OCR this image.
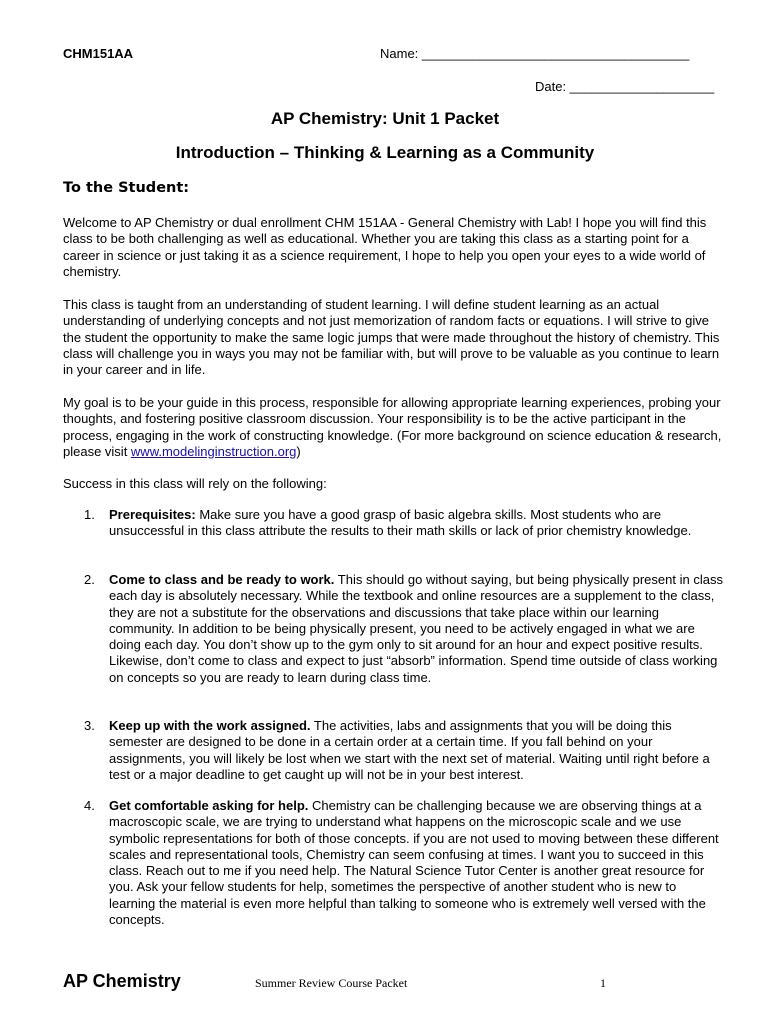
CHM151AA	Name: _____________________________________
Date: ____________________
AP Chemistry: Unit 1 Packet
Introduction – Thinking & Learning as a Community
To the Student:

Welcome to AP Chemistry or dual enrollment CHM 151AA - General Chemistry with Lab! I hope you will find this class to be both challenging as well as educational. Whether you are taking this class as a starting point for a career in science or just taking it as a science requirement, I hope to help you open your eyes to a wide world of chemistry.

This class is taught from an understanding of student learning. I will define student learning as an actual understanding of underlying concepts and not just memorization of random facts or equations. I will strive to give the student the opportunity to make the same logic jumps that were made throughout the history of chemistry. This class will challenge you in ways you may not be familiar with, but will prove to be valuable as you continue to learn in your career and in life.

My goal is to be your guide in this process, responsible for allowing appropriate learning experiences, probing your thoughts, and fostering positive classroom discussion. Your responsibility is to be the active participant in the process, engaging in the work of constructing knowledge. (For more background on science education & research, please visit www.modelinginstruction.org)

Success in this class will rely on the following:

1.	Prerequisites: Make sure you have a good grasp of basic algebra skills. Most students who are unsuccessful in this class attribute the results to their math skills or lack of prior chemistry knowledge.
2.	Come to class and be ready to work. This should go without saying, but being physically present in class each day is absolutely necessary. While the textbook and online resources are a supplement to the class, they are not a substitute for the observations and discussions that take place within our learning community. In addition to be being physically present, you need to be actively engaged in what we are doing each day. You don’t show up to the gym only to sit around for an hour and expect positive results. Likewise, don’t come to class and expect to just “absorb” information. Spend time outside of class working on concepts so you are ready to learn during class time.
3.	Keep up with the work assigned. The activities, labs and assignments that you will be doing this semester are designed to be done in a certain order at a certain time. If you fall behind on your assignments, you will likely be lost when we start with the next set of material. Waiting until right before a test or a major deadline to get caught up will not be in your best interest.
4.	Get comfortable asking for help. Chemistry can be challenging because we are observing things at a macroscopic scale, we are trying to understand what happens on the microscopic scale and we use symbolic representations for both of those concepts. if you are not used to moving between these different scales and representational tools, Chemistry can seem confusing at times. I want you to succeed in this class. Reach out to me if you need help. The Natural Science Tutor Center is another great resource for you. Ask your fellow students for help, sometimes the perspective of another student who is new to learning the material is even more helpful than talking to someone who is extremely well versed with the concepts.
AP Chemistry	Summer Review Course Packet	1
